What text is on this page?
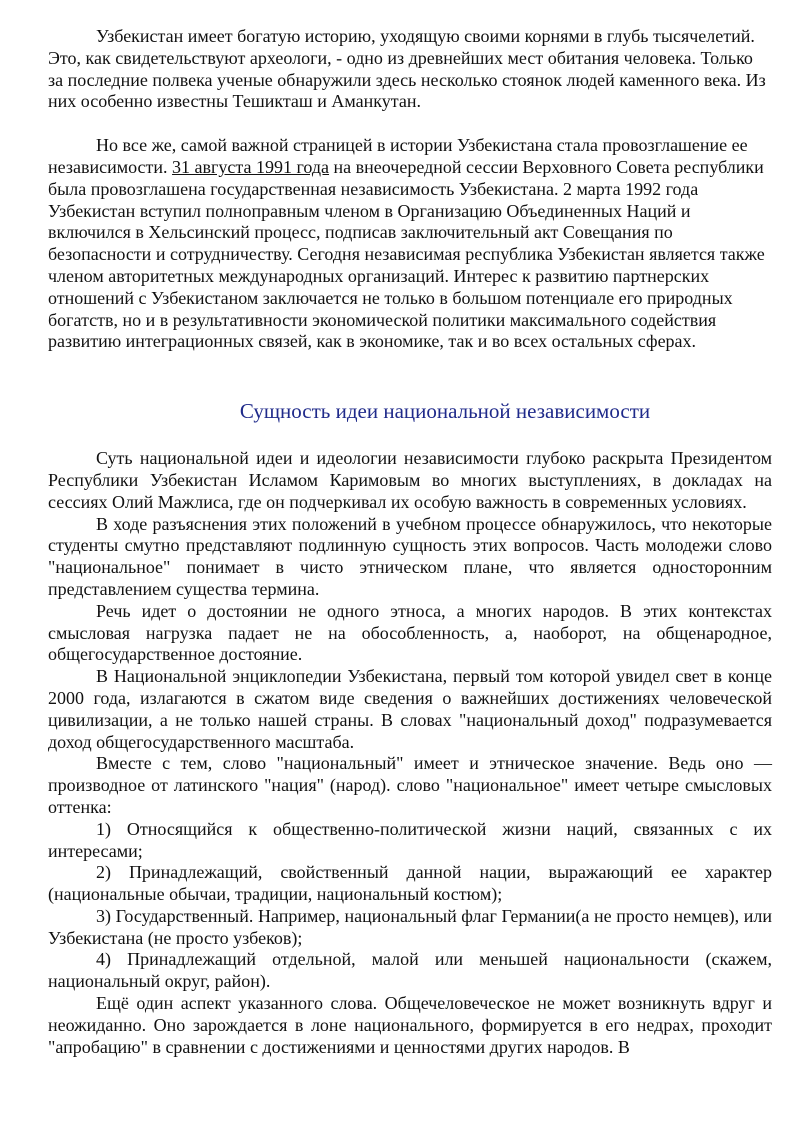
Узбекистан имеет богатую историю, уходящую своими корнями в глубь тысячелетий. Это, как свидетельствуют археологи, - одно из древнейших мест обитания человека. Только за последние полвека ученые обнаружили здесь несколько стоянок людей каменного века. Из них особенно известны Тешикташ и Аманкутан.

Но все же, самой важной страницей в истории Узбекистана стала провозглашение ее независимости. 31 августа 1991 года на внеочередной сессии Верховного Совета республики была провозглашена государственная независимость Узбекистана. 2 марта 1992 года Узбекистан вступил полноправным членом в Организацию Объединенных Наций и включился в Хельсинский процесс, подписав заключительный акт Совещания по безопасности и сотрудничеству. Сегодня независимая республика Узбекистан является также членом авторитетных международных организаций. Интерес к развитию партнерских отношений с Узбекистаном заключается не только в большом потенциале его природных богатств, но и в результативности экономической политики максимального содействия развитию интеграционных связей, как в экономике, так и во всех остальных сферах.

Сущность идеи национальной независимости

Суть национальной идеи и идеологии независимости глубоко раскрыта Президентом Республики Узбекистан Исламом Каримовым во многих выступлениях, в докладах на сессиях Олий Мажлиса, где он подчеркивал их особую важность в современных условиях.

В ходе разъяснения этих положений в учебном процессе обнаружилось, что некоторые студенты смутно представляют подлинную сущность этих вопросов. Часть молодежи слово "национальное" понимает в чисто этническом плане, что является односторонним представлением существа термина.

Речь идет о достоянии не одного этноса, а многих народов. В этих контекстах смысловая нагрузка падает не на обособленность, а, наоборот, на общенародное, общегосударственное достояние.

В Национальной энциклопедии Узбекистана, первый том которой увидел свет в конце 2000 года, излагаются в сжатом виде сведения о важнейших достижениях человеческой цивилизации, а не только нашей страны. В словах "национальный доход" подразумевается доход общегосударственного масштаба.

Вместе с тем, слово "национальный" имеет и этническое значение. Ведь оно — производное от латинского "нация" (народ). слово "национальное" имеет четыре смысловых оттенка:

1) Относящийся к общественно-политической жизни наций, связанных с их интересами;

2) Принадлежащий, свойственный данной нации, выражающий ее характер (национальные обычаи, традиции, национальный костюм);

3) Государственный. Например, национальный флаг Германии(а не просто немцев), или Узбекистана (не просто узбеков);

4) Принадлежащий отдельной, малой или меньшей национальности (скажем, национальный округ, район).

Ещё один аспект указанного слова. Общечеловеческое не может возникнуть вдруг и неожиданно. Оно зарождается в лоне национального, формируется в его недрах, проходит "апробацию" в сравнении с достижениями и ценностями других народов. В
